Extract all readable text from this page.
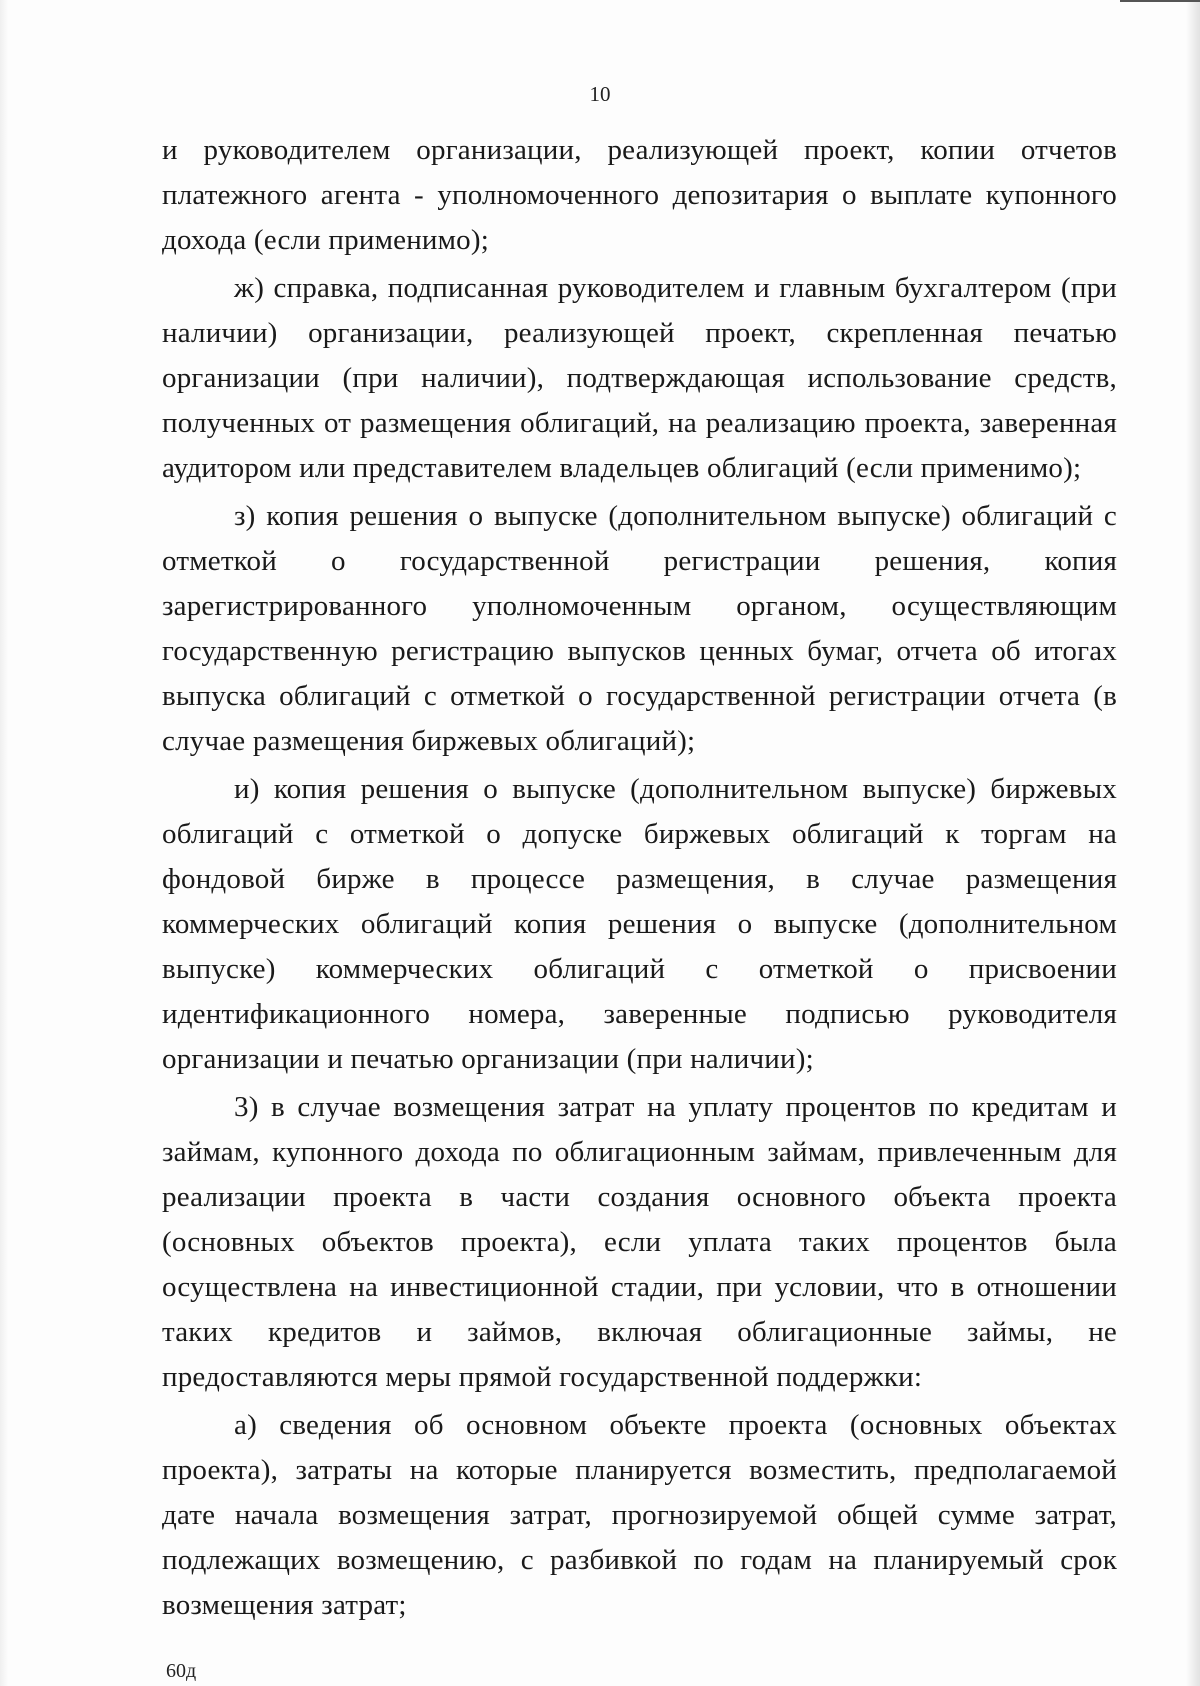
10

и руководителем организации, реализующей проект, копии отчетов платежного агента - уполномоченного депозитария о выплате купонного дохода (если применимо);

ж) справка, подписанная руководителем и главным бухгалтером (при наличии) организации, реализующей проект, скрепленная печатью организации (при наличии), подтверждающая использование средств, полученных от размещения облигаций, на реализацию проекта, заверенная аудитором или представителем владельцев облигаций (если применимо);

з) копия решения о выпуске (дополнительном выпуске) облигаций с отметкой о государственной регистрации решения, копия зарегистрированного уполномоченным органом, осуществляющим государственную регистрацию выпусков ценных бумаг, отчета об итогах выпуска облигаций с отметкой о государственной регистрации отчета (в случае размещения биржевых облигаций);

и) копия решения о выпуске (дополнительном выпуске) биржевых облигаций с отметкой о допуске биржевых облигаций к торгам на фондовой бирже в процессе размещения, в случае размещения коммерческих облигаций копия решения о выпуске (дополнительном выпуске) коммерческих облигаций с отметкой о присвоении идентификационного номера, заверенные подписью руководителя организации и печатью организации (при наличии);

3) в случае возмещения затрат на уплату процентов по кредитам и займам, купонного дохода по облигационным займам, привлеченным для реализации проекта в части создания основного объекта проекта (основных объектов проекта), если уплата таких процентов была осуществлена на инвестиционной стадии, при условии, что в отношении таких кредитов и займов, включая облигационные займы, не предоставляются меры прямой государственной поддержки:

а) сведения об основном объекте проекта (основных объектах проекта), затраты на которые планируется возместить, предполагаемой дате начала возмещения затрат, прогнозируемой общей сумме затрат, подлежащих возмещению, с разбивкой по годам на планируемый срок возмещения затрат;

60д
